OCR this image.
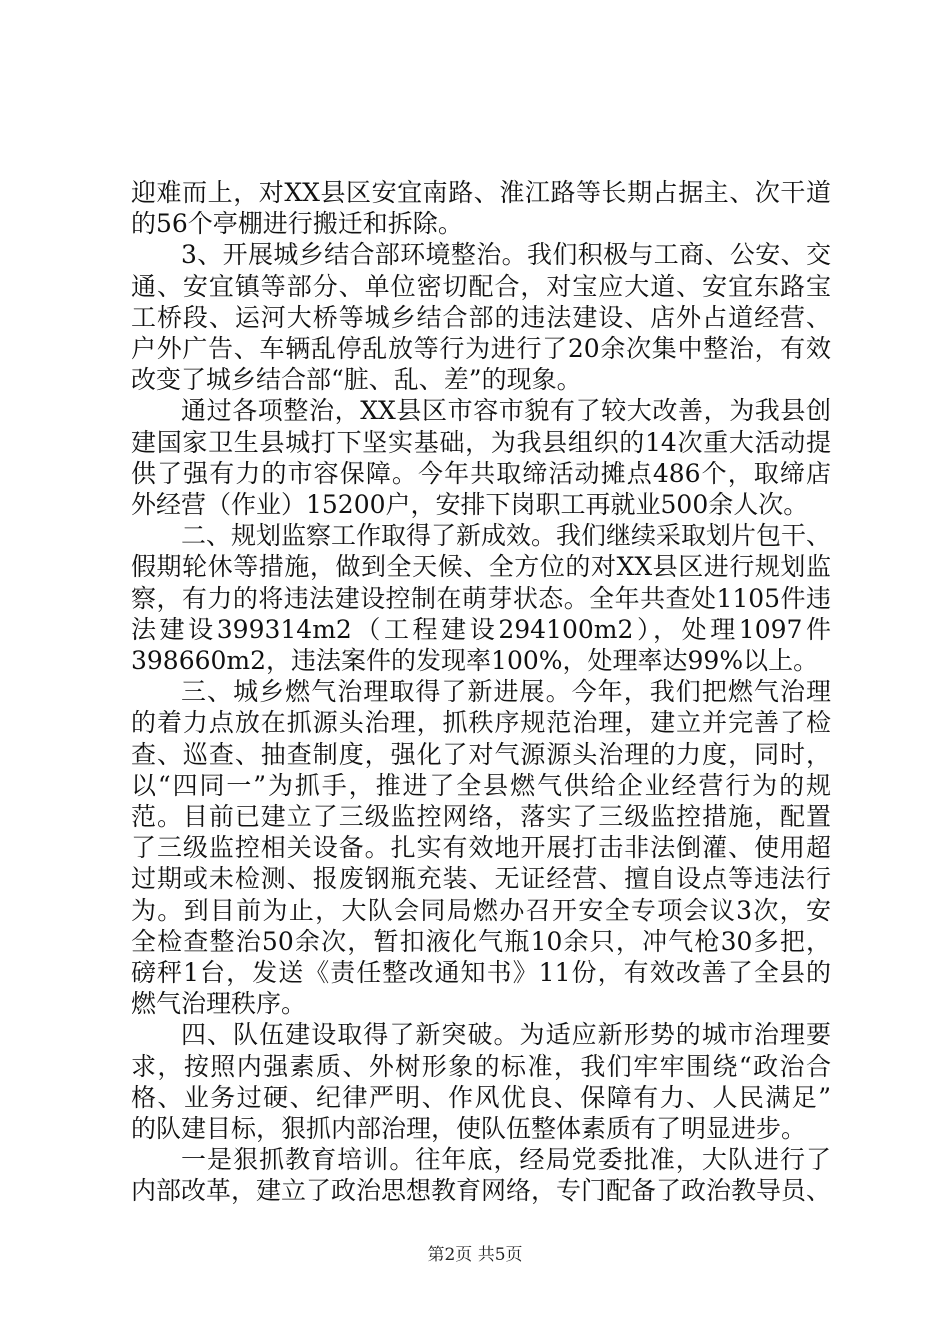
迎难而上，对XX县区安宜南路、淮江路等长期占据主、次干道
的56个亭棚进行搬迁和拆除。
3、开展城乡结合部环境整治。我们积极与工商、公安、交
通、安宜镇等部分、单位密切配合，对宝应大道、安宜东路宝
工桥段、运河大桥等城乡结合部的违法建设、店外占道经营、
户外广告、车辆乱停乱放等行为进行了20余次集中整治，有效
改变了城乡结合部“脏、乱、差”的现象。
通过各项整治，XX县区市容市貌有了较大改善，为我县创
建国家卫生县城打下坚实基础，为我县组织的14次重大活动提
供了强有力的市容保障。今年共取缔活动摊点486个，取缔店
外经营（作业）15200户，安排下岗职工再就业500余人次。
二、规划监察工作取得了新成效。我们继续采取划片包干、
假期轮休等措施，做到全天候、全方位的对XX县区进行规划监
察，有力的将违法建设控制在萌芽状态。全年共查处1105件违
法建设399314m2（工程建设294100m2），处理1097件
398660m2，违法案件的发现率100%，处理率达99%以上。
三、城乡燃气治理取得了新进展。今年，我们把燃气治理
的着力点放在抓源头治理，抓秩序规范治理，建立并完善了检
查、巡查、抽查制度，强化了对气源源头治理的力度，同时，
以“四同一”为抓手，推进了全县燃气供给企业经营行为的规
范。目前已建立了三级监控网络，落实了三级监控措施，配置
了三级监控相关设备。扎实有效地开展打击非法倒灌、使用超
过期或未检测、报废钢瓶充装、无证经营、擅自设点等违法行
为。到目前为止，大队会同局燃办召开安全专项会议3次，安
全检查整治50余次，暂扣液化气瓶10余只，冲气枪30多把，
磅秤1台，发送《责任整改通知书》11份，有效改善了全县的
燃气治理秩序。
四、队伍建设取得了新突破。为适应新形势的城市治理要
求，按照内强素质、外树形象的标准，我们牢牢围绕“政治合
格、业务过硬、纪律严明、作风优良、保障有力、人民满足”
的队建目标，狠抓内部治理，使队伍整体素质有了明显进步。
一是狠抓教育培训。往年底，经局党委批准，大队进行了
内部改革，建立了政治思想教育网络，专门配备了政治教导员、
第2页 共5页
